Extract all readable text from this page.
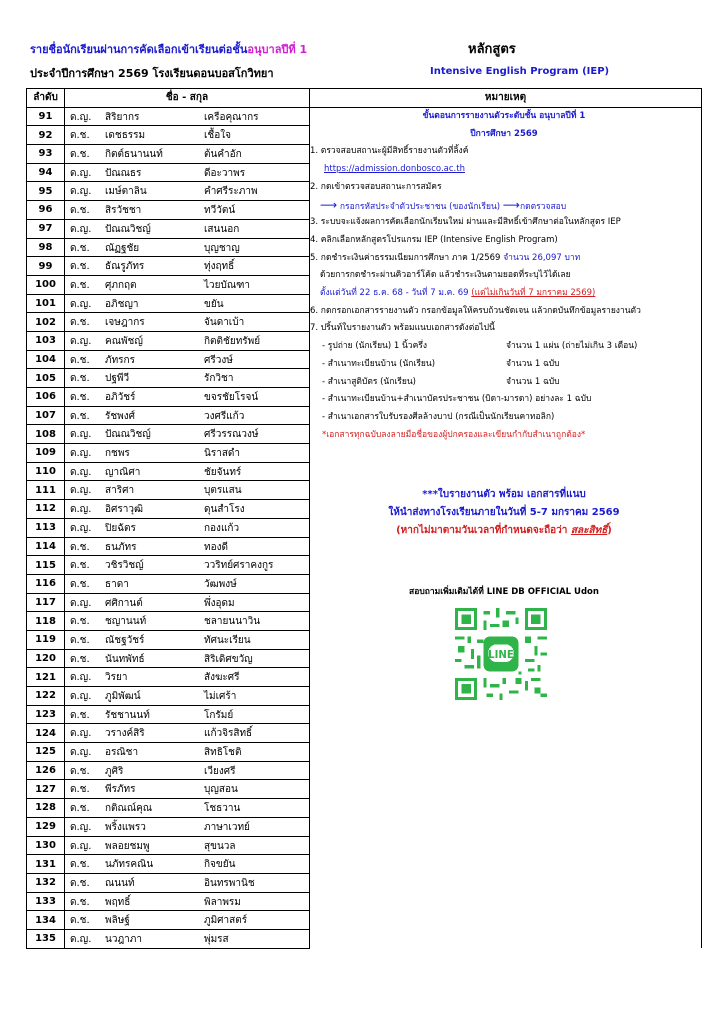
รายชื่อนักเรียนผ่านการคัดเลือกเข้าเรียนต่อชั้นอนุบาลปีที่ 1	หลักสูตร
ประจำปีการศึกษา 2569 โรงเรียนดอนบอสโกวิทยา	Intensive English Program (IEP)
ลำดับ	ชื่อ - สกุล	หมายเหตุ
91	ด.ญ. สิริยากร เครือคุณากร	

92	ด.ช. เดชธรรม เชื้อใจ	

93	ด.ช. กิตต์ธนานนท์ ต้นคำอัก	

94	ด.ญ. ปัณณธร ดีอะวาพร	

95	ด.ญ. เมษ์ตาลิน คำศรีระภาพ	

96	ด.ช. สิรวัชชา ทวีวัตน์	

97	ด.ญ. ปัณณวิชญ์ เสนนอก	

98	ด.ช. ณัฏฐชัย บุญชาญ	

99	ด.ช. ธัณรูภัทร ทุ่งฤทธิ์	

100	ด.ช. ศุภกฤต ไวยบัณฑา	

101	ด.ญ. อภิชญา ขยัน	

102	ด.ช. เจษฎากร จันดาเบ้า	

103	ด.ญ. คณพัชญ์ กิตติชัยทรัพย์	

104	ด.ช. ภัทรกร ศรีวงษ์	

105	ด.ช. ปฐพีวี รักวิชา	

106	ด.ช. อภิวัชร์ ขจรชัยโรจน์	

107	ด.ช. รัชพงศ์ วงศรีแก้ว	

108	ด.ญ. ปัณณวิชญ์ ศรีวรรณวงษ์	

109	ด.ญ. กชพร นิราสดำ	

110	ด.ญ. ญาณิศา ชัยจันทร์	

111	ด.ญ. สาริศา บุตรแสน	

112	ด.ญ. อิศราวุฒิ ดุนสำโรง	

113	ด.ญ. ปิยฉัตร กองแก้ว	

114	ด.ช. ธนภัทร ทองดี	

115	ด.ช. วชิรวิชญ์ ววริทย์ศราคงกูร	

116	ด.ช. ธาดา วัฒพงษ์	

117	ด.ญ. ศศิกานต์ พึ่งอุดม	

118	ด.ช. ชญานนท์ ชลายนนาวิน	

119	ด.ช. ณัชฐวัชร์ ทัศนะเรียน	

120	ด.ช. นันทพัทธ์ สิริเดิศขวัญ	

121	ด.ญ. วิรยา สังฆะศรี	

122	ด.ญ. ภูมิพัฒน์ ไม่เศร้า	

123	ด.ช. รัชชานนท์ โกรัมย์	

124	ด.ญ. วรางค์สิริ แก้วจิรสิทธิ์	

125	ด.ญ. อรณิชา สิทธิโชติ	

126	ด.ช. ภูศิริ เวียงศรี	

127	ด.ช. พีรภัทร บุญสอน	

128	ด.ช. กติณณ์คุณ โชธวาน	

129	ด.ญ. พริ้งแพรว ภาษาเวทย์	

130	ด.ญ. พลอยชมพู สุขนวล	

131	ด.ช. นภัทรคณิน กิจขยัน	

132	ด.ช. ณนนท์ อินทรพานิช	

133	ด.ช. พฤทธิ์ พิลาพรม	

134	ด.ช. พลิษฐ์ ภูมิศาสตร์	

135	ด.ญ. นวฎาภา พุ่มรส	

ขั้นตอนการรายงานตัวระดับชั้น อนุบาลปีที่ 1
ปีการศึกษา 2569
1. ตรวจสอบสถานะผู้มีสิทธิ์รายงานตัวที่ลิ้งค์
https://admission.donbosco.ac.th
2. กดเข้าตรวจสอบสถานะการสมัคร
⟶ กรอกรหัสประจำตัวประชาชน (ของนักเรียน) ⟶กดตรวจสอบ
3. ระบบจะแจ้งผลการคัดเลือกนักเรียนใหม่ ผ่านและมีสิทธิ์เข้าศึกษาต่อในหลักสูตร IEP
4. คลิกเลือกหลักสูตรโปรแกรม IEP (Intensive English Program)
5. กดชำระเงินค่าธรรมเนียมการศึกษา ภาค 1/2569 จำนวน 26,097 บาท
ด้วยการกดชำระผ่านคิวอาร์โค้ด แล้วชำระเงินตามยอดที่ระบุไว้ได้เลย
ตั้งแต่วันที่ 22 ธ.ค. 68 - วันที่ 7 ม.ค. 69 (แต่ไม่เกินวันที่ 7 มกราคม 2569)
6. กดกรอกเอกสารรายงานตัว กรอกข้อมูลให้ครบถ้วนชัดเจน แล้วกดบันทึกข้อมูลรายงานตัว
7. ปริ้นท์ใบรายงานตัว พร้อมแนบเอกสารดังต่อไปนี้
- รูปถ่าย (นักเรียน) 1 นิ้วครึ่ง	จำนวน 1 แผ่น (ถ่ายไม่เกิน 3 เดือน)
- สำเนาทะเบียนบ้าน (นักเรียน)	จำนวน 1 ฉบับ
- สำเนาสูติบัตร (นักเรียน)	จำนวน 1 ฉบับ
- สำเนาทะเบียนบ้าน+สำเนาบัตรประชาชน (บิดา-มารดา) อย่างละ 1 ฉบับ
- สำเนาเอกสารใบรับรองศีลล้างบาป (กรณีเป็นนักเรียนคาทอลิก)
*เอกสารทุกฉบับลงลายมือชื่อของผู้ปกครองและเขียนกำกับสำเนาถูกต้อง*
***ใบรายงานตัว พร้อม เอกสารที่แนบ
ให้นำส่งทางโรงเรียนภายในวันที่ 5-7 มกราคม 2569
(หากไม่มาตามวันเวลาที่กำหนดจะถือว่า สละสิทธิ์)
สอบถามเพิ่มเติมได้ที่ LINE DB OFFICIAL Udon
LINE
